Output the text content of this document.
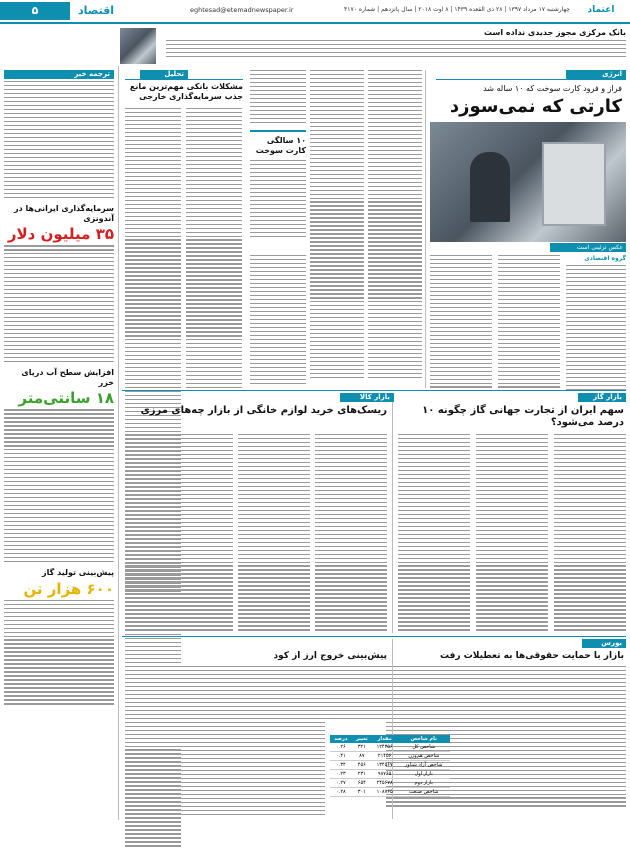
۵	اقتصاد	eghtesad@etemadnewspaper.ir	چهارشنبه ۱۷ مرداد ۱۳۹۷ | ۲۸ ذی القعده ۱۴۳۹ | ۸ اوت ۲۰۱۸ | سال پانزدهم | شماره ۴۱۷۰	اعتماد
بانک مرکزی مجوز جدیدی نداده است
انرژی
فراز و فرود کارت سوخت که ۱۰ ساله شد
کارتی که نمی‌سوزد
عکس تزئینی است
گروه اقتصادی
۱۰ سالگی کارت سوخت
تحلیل
مشکلات بانکی مهم‌ترین مانع جذب سرمایه‌گذاری خارجی
ترجمه خبر
سرمایه‌گذاری ایرانی‌ها در آندونزی
۳۵ میلیون دلار
افزایش سطح آب دریای خزر
۱۸ سانتی‌متر
پیش‌بینی تولید گاز
۶۰۰ هزار تن
بازار گاز
سهم ایران از تجارت جهانی گاز چگونه ۱۰ درصد می‌شود؟
بازار کالا
ریسک‌های خرید لوازم خانگی از بازار چه‌های مرزی
بورس
بازار با حمایت حقوقی‌ها به تعطیلات رفت
پیش‌بینی خروج ارز از کود
نام شاخص	مقدار	تغییر	درصد
شاخص کل	۱۲۴۳۵۶	۳۲۱	۰.۲۶
شاخص هم‌وزن	۲۱۴۵۶	۸۷	۰.۴۱
شاخص آزاد شناور	۱۳۴۵۶۷	۴۵۶	۰.۳۴
بازار اول	۹۸۷۶۵	۲۳۱	۰.۲۳
بازار دوم	۲۴۵۶۷۸	۶۵۴	۰.۲۷
شاخص صنعت	۱۰۸۷۶۵	۳۰۱	۰.۲۸
